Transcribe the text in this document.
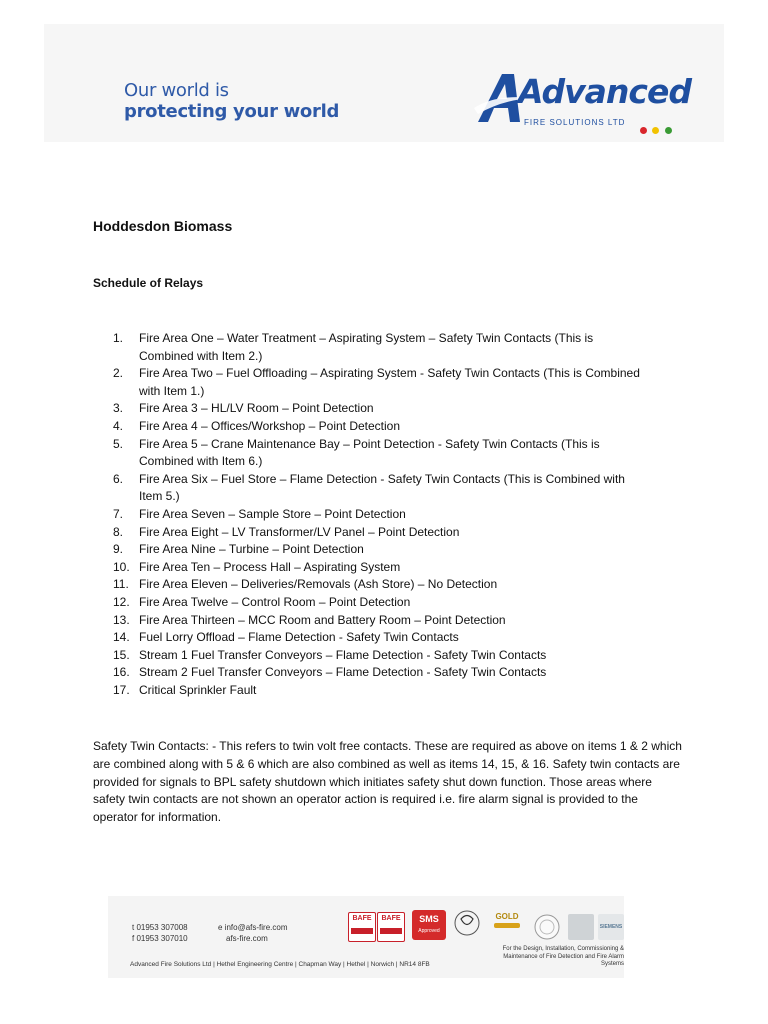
Our world is
protecting your world
Advanced
FIRE SOLUTIONS LTD

Hoddesdon Biomass
Schedule of Relays
1. Fire Area One – Water Treatment – Aspirating System – Safety Twin Contacts (This is
Combined with Item 2.)
2. Fire Area Two – Fuel Offloading – Aspirating System - Safety Twin Contacts (This is Combined
with Item 1.)
3. Fire Area 3 – HL/LV Room – Point Detection
4. Fire Area 4 – Offices/Workshop – Point Detection
5. Fire Area 5 – Crane Maintenance Bay – Point Detection - Safety Twin Contacts (This is
Combined with Item 6.)
6. Fire Area Six – Fuel Store – Flame Detection - Safety Twin Contacts (This is Combined with
Item 5.)
7. Fire Area Seven – Sample Store – Point Detection
8. Fire Area Eight – LV Transformer/LV Panel – Point Detection
9. Fire Area Nine – Turbine – Point Detection
10. Fire Area Ten – Process Hall – Aspirating System
11. Fire Area Eleven – Deliveries/Removals (Ash Store) – No Detection
12. Fire Area Twelve – Control Room – Point Detection
13. Fire Area Thirteen – MCC Room and Battery Room – Point Detection
14. Fuel Lorry Offload – Flame Detection - Safety Twin Contacts
15. Stream 1 Fuel Transfer Conveyors – Flame Detection - Safety Twin Contacts
16. Stream 2 Fuel Transfer Conveyors – Flame Detection - Safety Twin Contacts
17. Critical Sprinkler Fault
Safety Twin Contacts: - This refers to twin volt free contacts. These are required as above on items 1 & 2 which are combined along with 5 & 6 which are also combined as well as items 14, 15, & 16. Safety twin contacts are provided for signals to BPL safety shutdown which initiates safety shut down function. Those areas where safety twin contacts are not shown an operator action is required i.e. fire alarm signal is provided to the operator for information.
t 01953 307008
f 01953 307010
e info@afs-fire.com
afs-fire.com
BAFE	BAFE	SMS
Approved
GOLD
SIEMENS
For the Design, Installation, Commissioning & Maintenance of Fire Detection and Fire Alarm Systems
Advanced Fire Solutions Ltd | Hethel Engineering Centre | Chapman Way | Hethel | Norwich | NR14 8FB
